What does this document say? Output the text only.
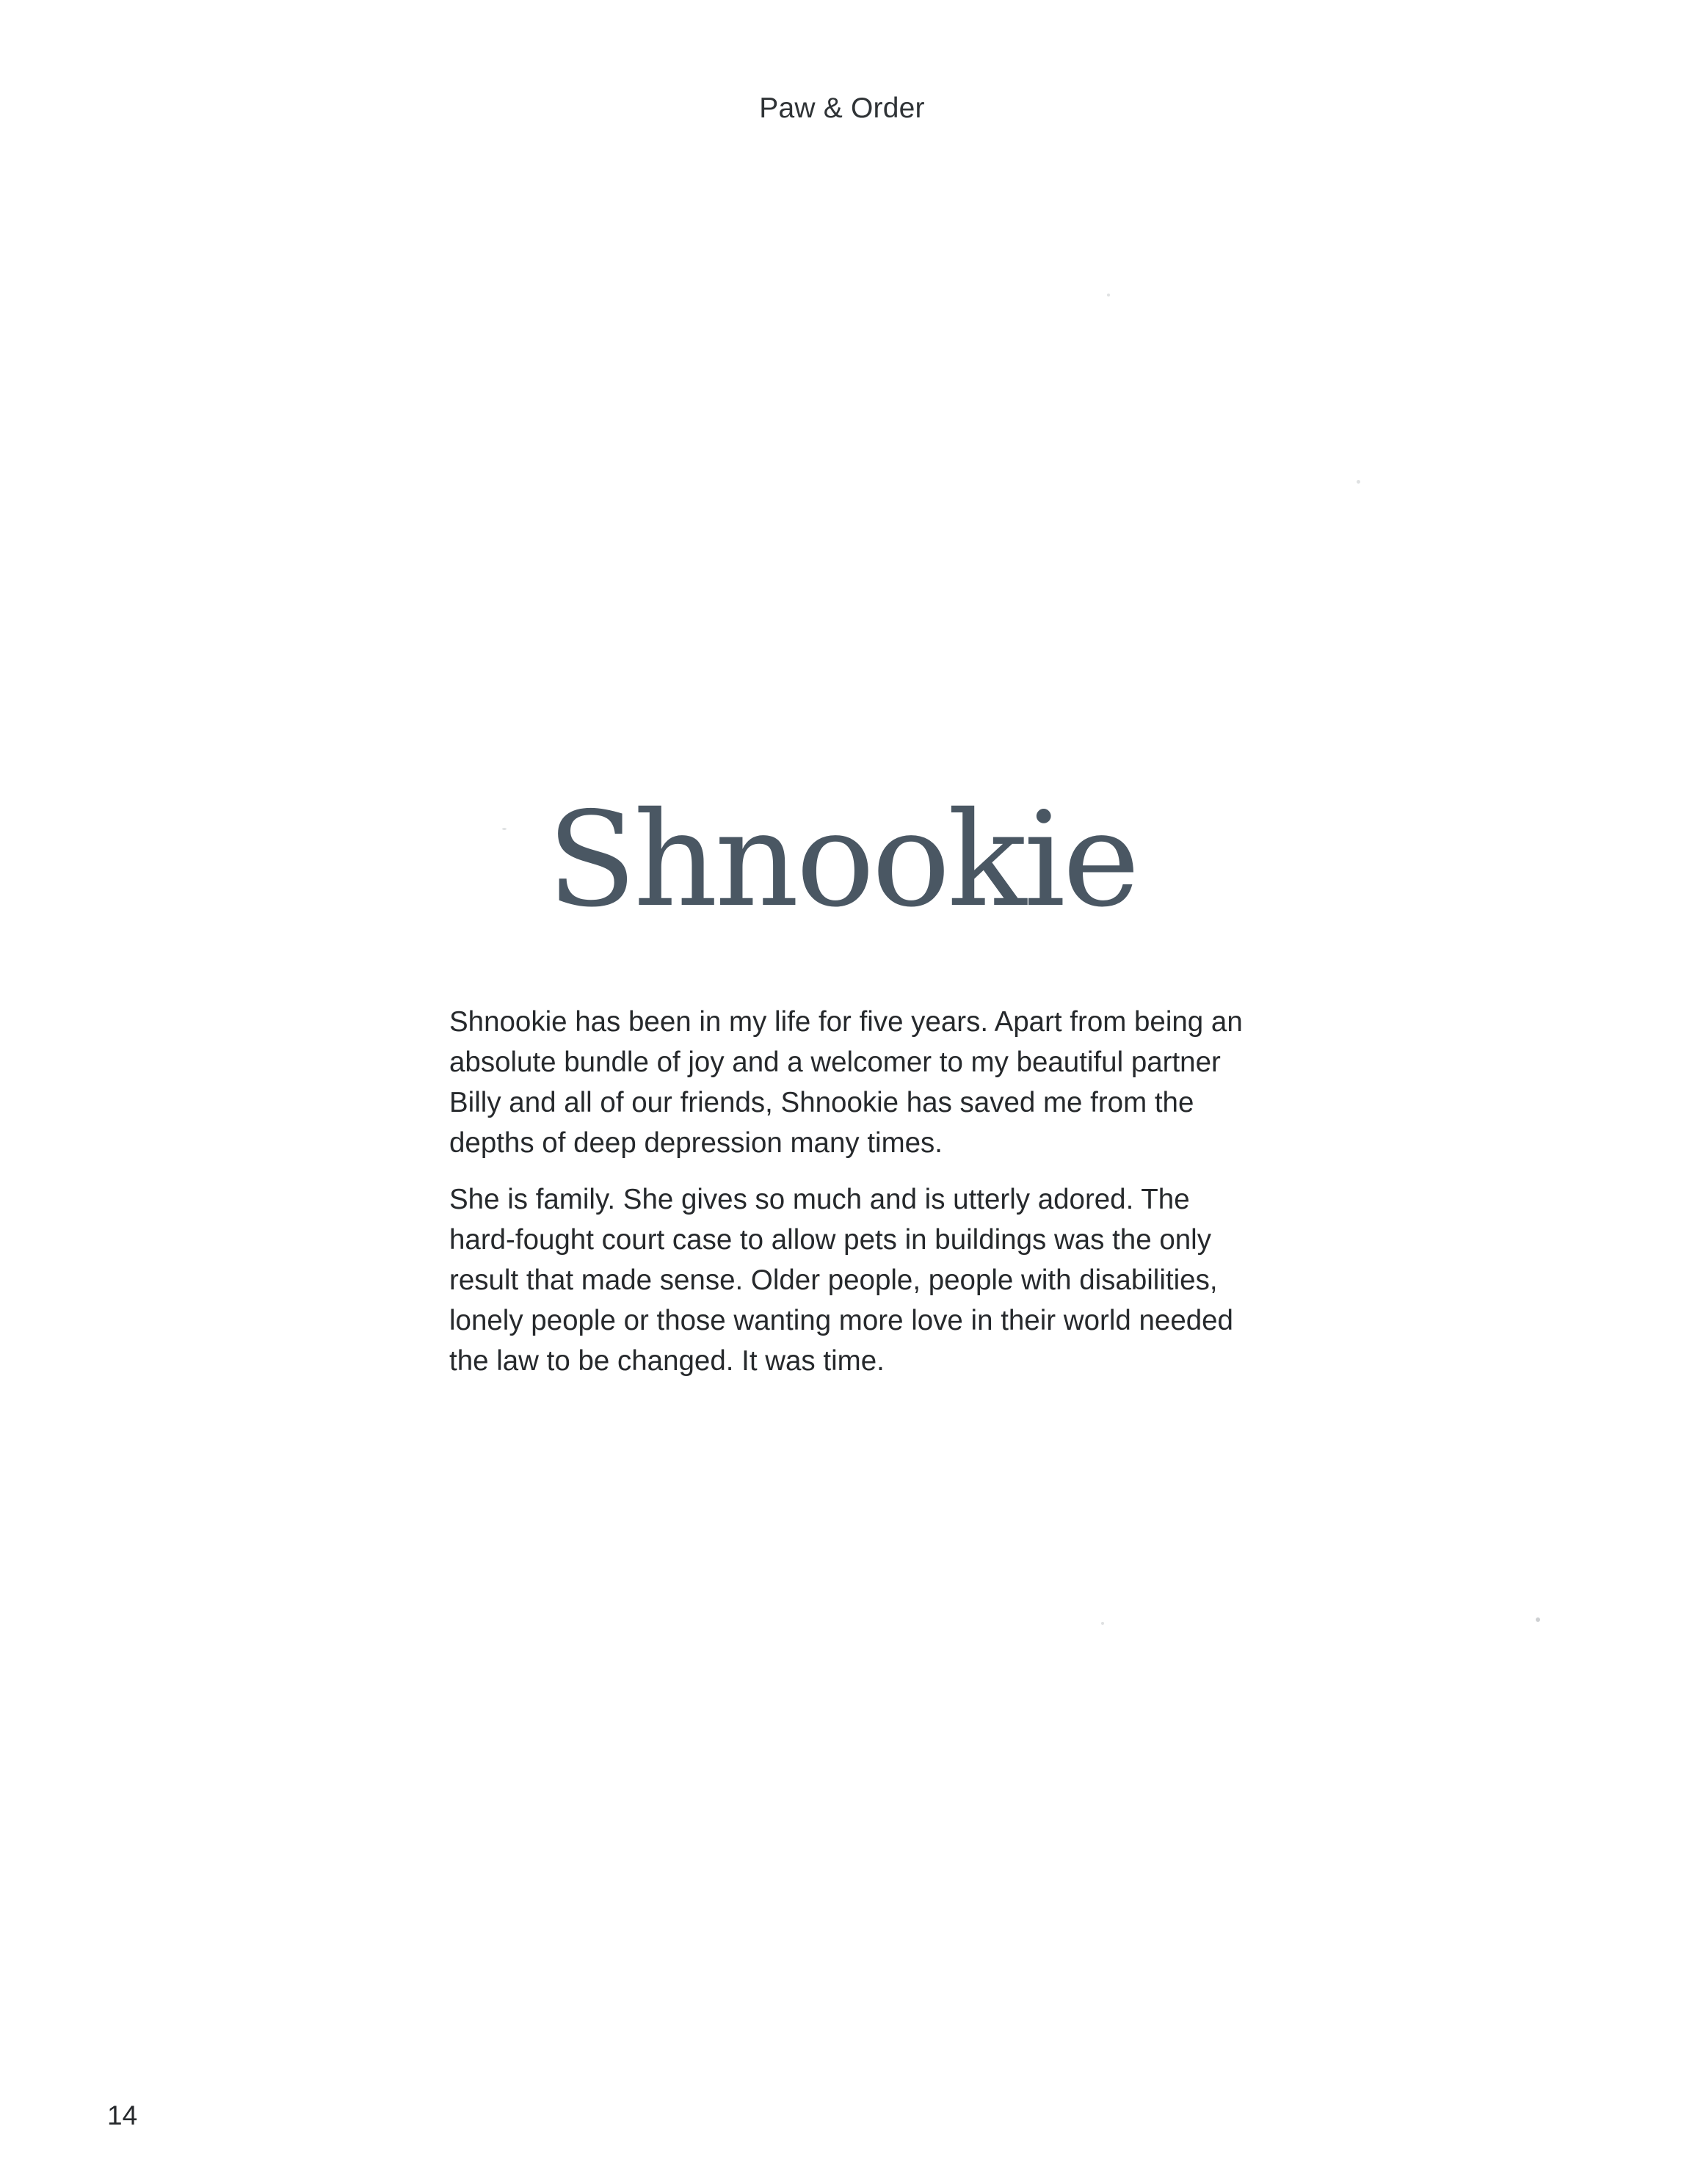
Paw & Order
Shnookie

Shnookie has been in my life for five years. Apart from being an absolute bundle of joy and a welcomer to my beautiful partner Billy and all of our friends, Shnookie has saved me from the depths of deep depression many times.

She is family. She gives so much and is utterly adored. The hard-fought court case to allow pets in buildings was the only result that made sense. Older people, people with disabilities, lonely people or those wanting more love in their world needed the law to be changed. It was time.

14
